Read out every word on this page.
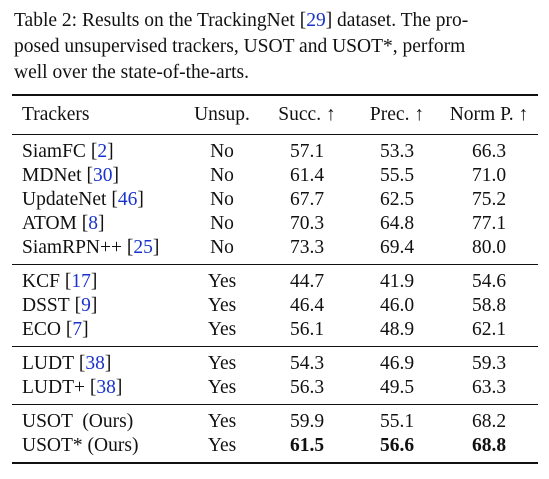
Table 2: Results on the TrackingNet [29] dataset. The pro-
posed unsupervised trackers, USOT and USOT*, perform
well over the state-of-the-arts.
Trackers	Unsup.	Succ. ↑	Prec. ↑	Norm P. ↑
SiamFC [2]	No	57.1	53.3	66.3
MDNet [30]	No	61.4	55.5	71.0
UpdateNet [46]	No	67.7	62.5	75.2
ATOM [8]	No	70.3	64.8	77.1
SiamRPN++ [25]	No	73.3	69.4	80.0
KCF [17]	Yes	44.7	41.9	54.6
DSST [9]	Yes	46.4	46.0	58.8
ECO [7]	Yes	56.1	48.9	62.1
LUDT [38]	Yes	54.3	46.9	59.3
LUDT+ [38]	Yes	56.3	49.5	63.3
USOT  (Ours)	Yes	59.9	55.1	68.2
USOT* (Ours)	Yes	61.5	56.6	68.8
